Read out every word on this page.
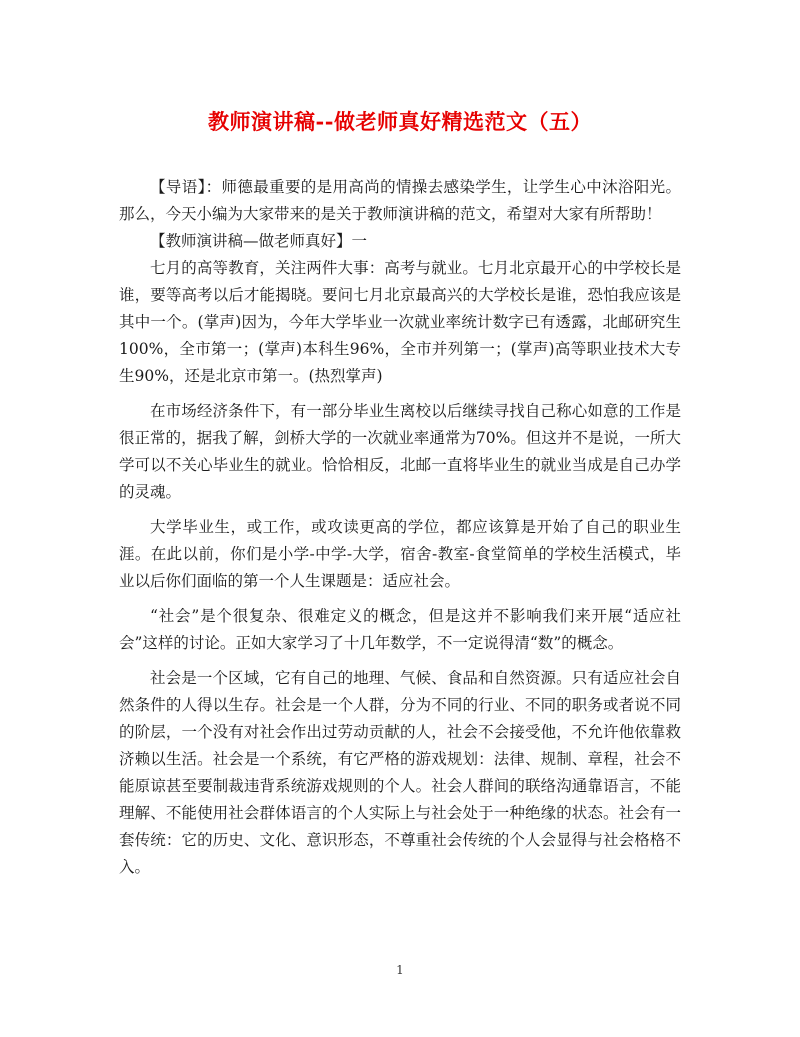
教师演讲稿--做老师真好精选范文（五）

【导语】：师德最重要的是用高尚的情操去感染学生，让学生心中沐浴阳光。那么，今天小编为大家带来的是关于教师演讲稿的范文，希望对大家有所帮助！

【教师演讲稿—做老师真好】一

七月的高等教育，关注两件大事：高考与就业。七月北京最开心的中学校长是谁，要等高考以后才能揭晓。要问七月北京最高兴的大学校长是谁，恐怕我应该是其中一个。(掌声)因为，今年大学毕业一次就业率统计数字已有透露，北邮研究生100%，全市第一；(掌声)本科生96%，全市并列第一；(掌声)高等职业技术大专生90%，还是北京市第一。(热烈掌声)

在市场经济条件下，有一部分毕业生离校以后继续寻找自己称心如意的工作是很正常的，据我了解，剑桥大学的一次就业率通常为70%。但这并不是说，一所大学可以不关心毕业生的就业。恰恰相反，北邮一直将毕业生的就业当成是自己办学的灵魂。

大学毕业生，或工作，或攻读更高的学位，都应该算是开始了自己的职业生涯。在此以前，你们是小学-中学-大学，宿舍-教室-食堂简单的学校生活模式，毕业以后你们面临的第一个人生课题是：适应社会。

“社会”是个很复杂、很难定义的概念，但是这并不影响我们来开展“适应社会”这样的讨论。正如大家学习了十几年数学，不一定说得清“数”的概念。

社会是一个区域，它有自己的地理、气候、食品和自然资源。只有适应社会自然条件的人得以生存。社会是一个人群，分为不同的行业、不同的职务或者说不同的阶层，一个没有对社会作出过劳动贡献的人，社会不会接受他，不允许他依靠救济赖以生活。社会是一个系统，有它严格的游戏规划：法律、规制、章程，社会不能原谅甚至要制裁违背系统游戏规则的个人。社会人群间的联络沟通靠语言，不能理解、不能使用社会群体语言的个人实际上与社会处于一种绝缘的状态。社会有一套传统：它的历史、文化、意识形态，不尊重社会传统的个人会显得与社会格格不入。

1
